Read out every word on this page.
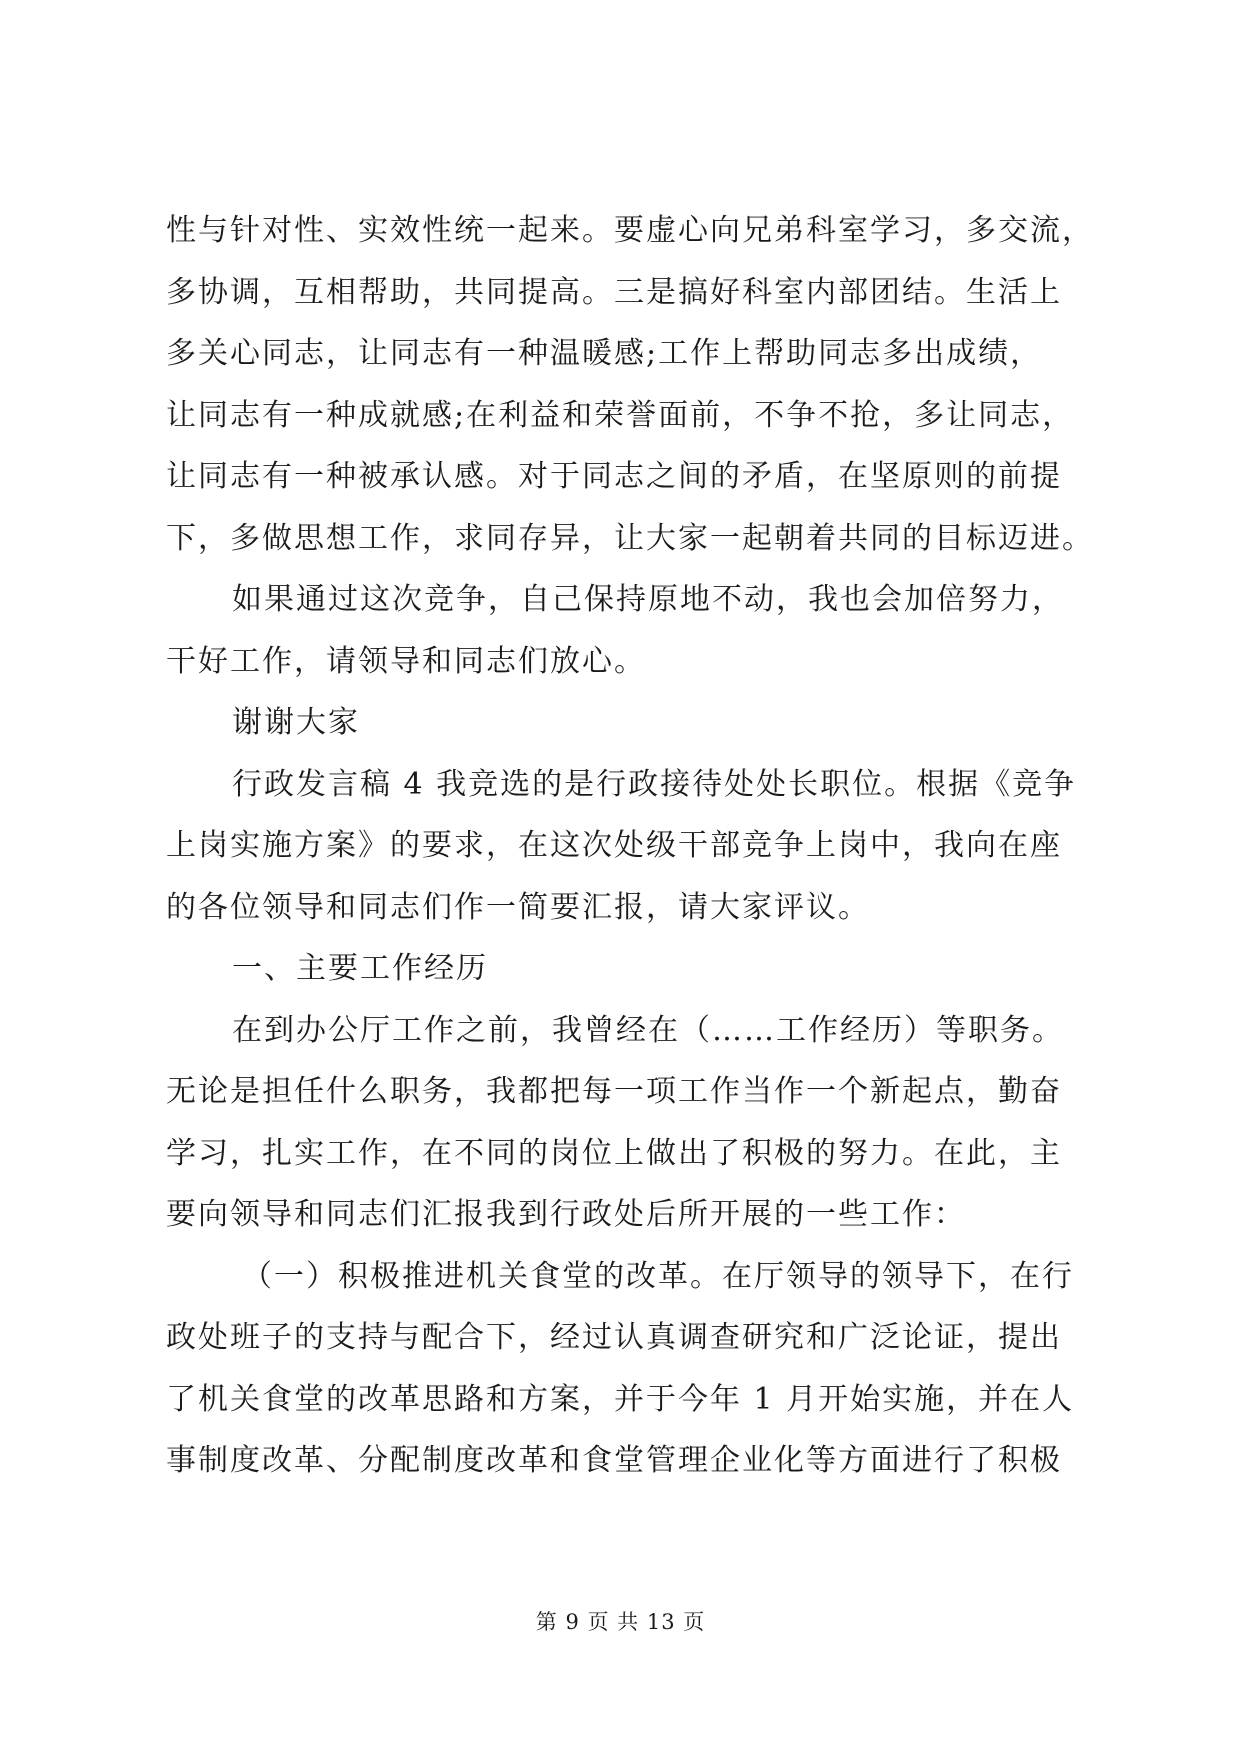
性与针对性、实效性统一起来。要虚心向兄弟科室学习，多交流，
多协调，互相帮助，共同提高。三是搞好科室内部团结。生活上
多关心同志，让同志有一种温暖感;工作上帮助同志多出成绩，
让同志有一种成就感;在利益和荣誉面前，不争不抢，多让同志，
让同志有一种被承认感。对于同志之间的矛盾，在坚原则的前提
下，多做思想工作，求同存异，让大家一起朝着共同的目标迈进。
如果通过这次竞争，自己保持原地不动，我也会加倍努力，
干好工作，请领导和同志们放心。
谢谢大家
行政发言稿 4 我竞选的是行政接待处处长职位。根据《竞争
上岗实施方案》的要求，在这次处级干部竞争上岗中，我向在座
的各位领导和同志们作一简要汇报，请大家评议。
一、主要工作经历
在到办公厅工作之前，我曾经在（……工作经历）等职务。
无论是担任什么职务，我都把每一项工作当作一个新起点，勤奋
学习，扎实工作，在不同的岗位上做出了积极的努力。在此，主
要向领导和同志们汇报我到行政处后所开展的一些工作：
（一）积极推进机关食堂的改革。在厅领导的领导下，在行
政处班子的支持与配合下，经过认真调查研究和广泛论证，提出
了机关食堂的改革思路和方案，并于今年 1 月开始实施，并在人
事制度改革、分配制度改革和食堂管理企业化等方面进行了积极
第 9 页 共 13 页
